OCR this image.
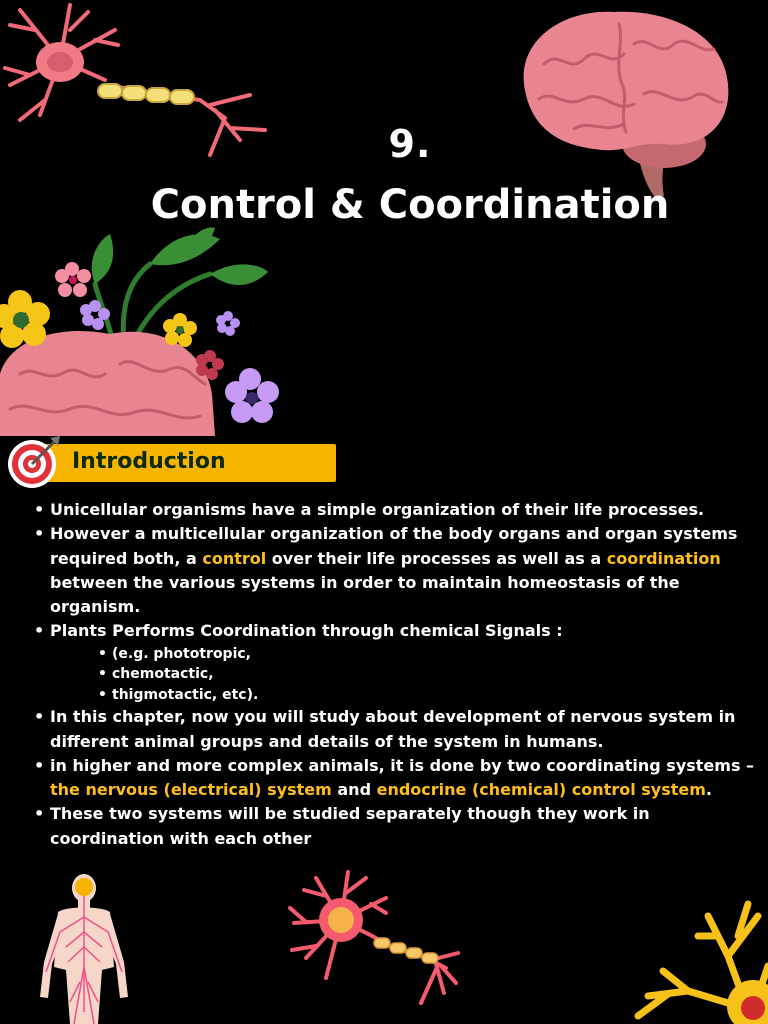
9.
Control & Coordination
Introduction
• Unicellular organisms have a simple organization of their life processes.
• However a multicellular organization of the body organs and organ systems required both, a control over their life processes as well as a coordination between the various systems in order to maintain homeostasis of the organism.
• Plants Performs Coordination through chemical Signals :
• (e.g. phototropic,
• chemotactic,
• thigmotactic, etc).
• In this chapter, now you will study about development of nervous system in different animal groups and details of the system in humans.
• in higher and more complex animals, it is done by two coordinating systems – the nervous (electrical) system and endocrine (chemical) control system.
• These two systems will be studied separately though they work in coordination with each other
